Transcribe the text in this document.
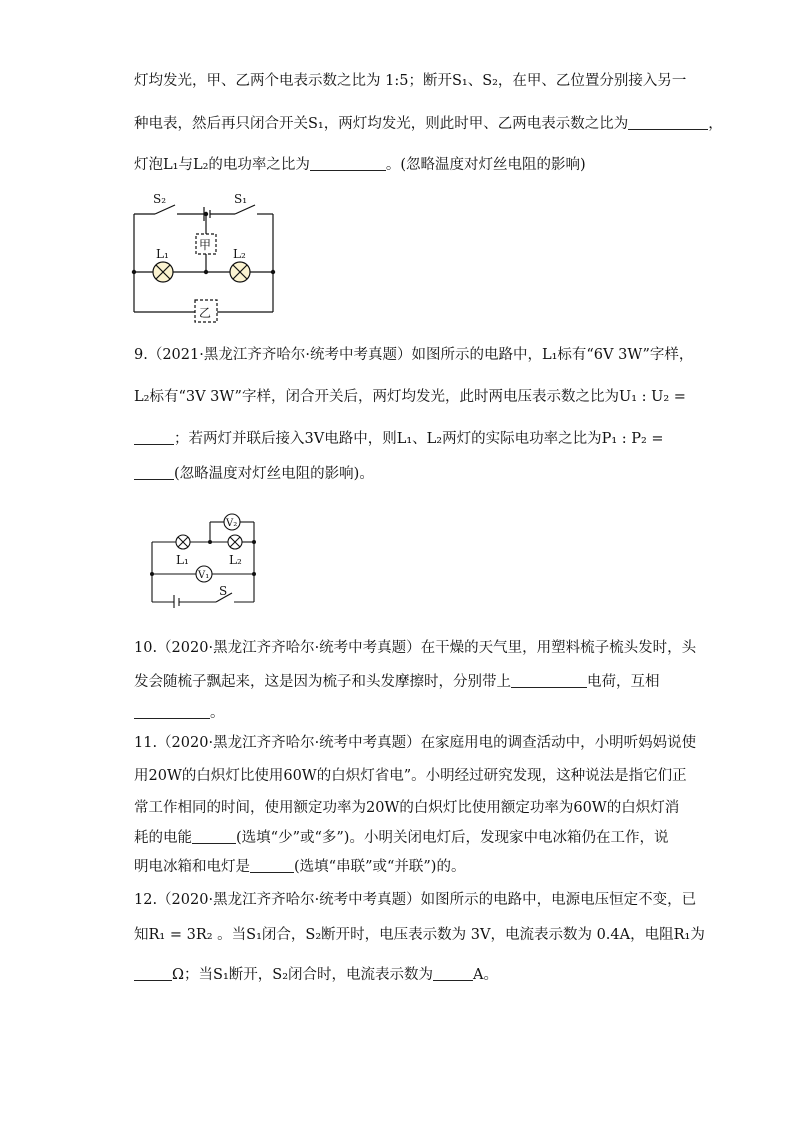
灯均发光，甲、乙两个电表示数之比为 1:5；断开S₁、S₂，在甲、乙位置分别接入另一
种电表，然后再只闭合开关S₁，两灯均发光，则此时甲、乙两电表示数之比为	，
灯泡L₁与L₂的电功率之比为	。(忽略温度对灯丝电阻的影响)
S₂	S₁
甲
乙
L₁	L₂
9.（2021·黑龙江齐齐哈尔·统考中考真题）如图所示的电路中，L₁标有“6V 3W”字样，
L₂标有“3V 3W”字样，闭合开关后，两灯均发光，此时两电压表示数之比为U₁ : U₂ =
；若两灯并联后接入3V电路中，则L₁、L₂两灯的实际电功率之比为P₁ : P₂ =
(忽略温度对灯丝电阻的影响)。
V₂
V₁
L₁	L₂
S
10.（2020·黑龙江齐齐哈尔·统考中考真题）在干燥的天气里，用塑料梳子梳头发时，头
发会随梳子飘起来，这是因为梳子和头发摩擦时，分别带上	电荷，互相
。
11.（2020·黑龙江齐齐哈尔·统考中考真题）在家庭用电的调查活动中，小明听妈妈说使
用20W的白炽灯比使用60W的白炽灯省电”。小明经过研究发现，这种说法是指它们正
常工作相同的时间，使用额定功率为20W的白炽灯比使用额定功率为60W的白炽灯消
耗的电能	(选填“少”或“多”)。小明关闭电灯后，发现家中电冰箱仍在工作，说
明电冰箱和电灯是	(选填“串联”或“并联”)的。
12.（2020·黑龙江齐齐哈尔·统考中考真题）如图所示的电路中，电源电压恒定不变，已
知R₁ = 3R₂ 。当S₁闭合，S₂断开时，电压表示数为 3V，电流表示数为 0.4A，电阻R₁为
Ω；当S₁断开，S₂闭合时，电流表示数为	A。
